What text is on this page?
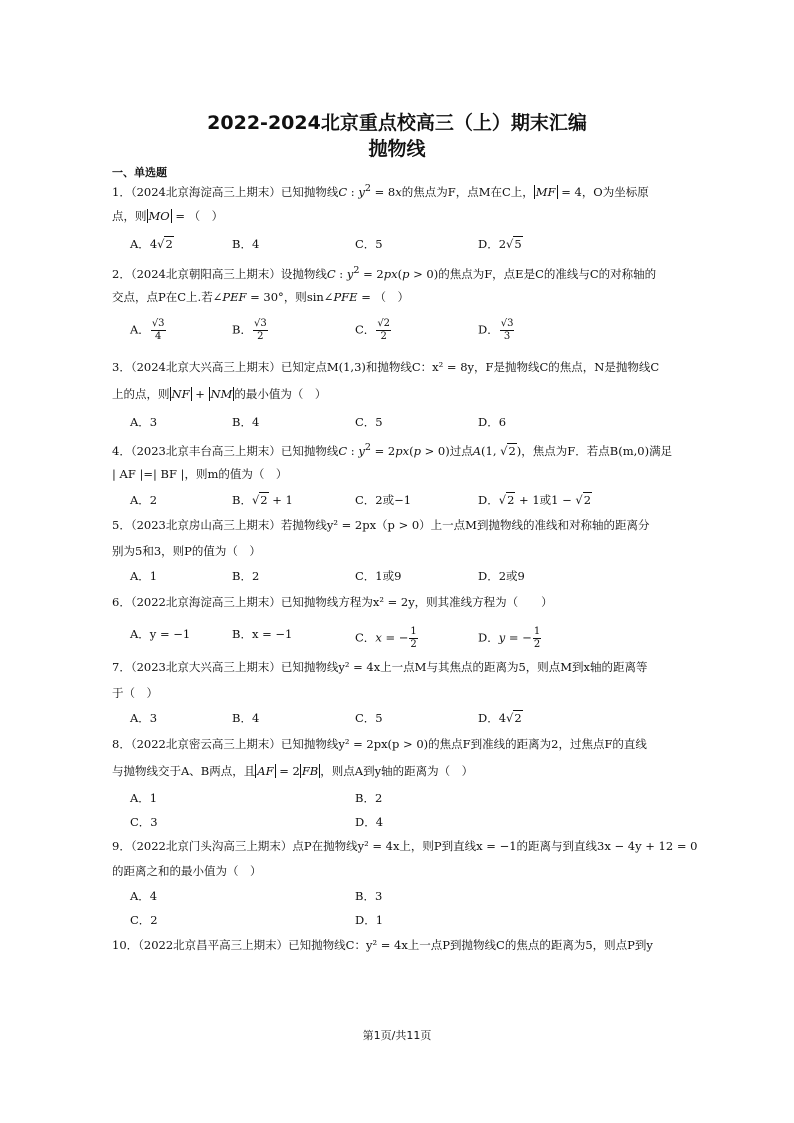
2022-2024北京重点校高三（上）期末汇编
抛物线
一、单选题
1．（2024北京海淀高三上期末）已知抛物线C : $y^2 = 8x$的焦点为F，点M在C上， MF = 4，O为坐标原
点，则 MO = （　）
A．4√2	B．4	C．5	D．2√5
2．（2024北京朝阳高三上期末）设抛物线C : $y^2 = 2px(p > 0)$的焦点为F，点E是C的准线与C的对称轴的
交点，点P在C上.若∠PEF = 30°，则sin∠PFE = （　）
A． $\frac{√3}{4}$	B． $\frac{√3}{2}$	C． $\frac{√2}{2}$	D． $\frac{√3}{3}$
3．（2024北京大兴高三上期末）已知定点M(1,3)和抛物线C：x² = 8y，F是抛物线C的焦点，N是抛物线C
上的点，则 NF + NM 的最小值为（　）
A．3	B．4	C．5	D．6
4．（2023北京丰台高三上期末）已知抛物线C : $y^2 = 2px(p > 0)$过点A(1, √2)，焦点为F．若点B(m,0)满足
| AF |=| BF |，则m的值为（　）
A．2	B．√2 + 1	C．2或−1	D．√2 + 1或1 − √2
5．（2023北京房山高三上期末）若抛物线y² = 2px（p > 0）上一点M到抛物线的准线和对称轴的距离分
别为5和3，则P的值为（　）
A．1	B．2	C．1或9	D．2或9
6．（2022北京海淀高三上期末）已知抛物线方程为x² = 2y，则其准线方程为（　　）
A．y = −1	B．x = −1	C．x = − $\frac{1}{2}$	D．y = − $\frac{1}{2}$
7．（2023北京大兴高三上期末）已知抛物线y² = 4x上一点M与其焦点的距离为5，则点M到x轴的距离等
于（　）
A．3	B．4	C．5	D．4√2
8．（2022北京密云高三上期末）已知抛物线y² = 2px(p > 0)的焦点F到准线的距离为2，过焦点F的直线
与抛物线交于A、B两点，且 AF = 2 FB ，则点A到y轴的距离为（　）
A．1	B．2
C．3	D．4
9．（2022北京门头沟高三上期末）点P在抛物线y² = 4x上，则P到直线x = −1的距离与到直线3x − 4y + 12 = 0
的距离之和的最小值为（　）
A．4	B．3
C．2	D．1
10．（2022北京昌平高三上期末）已知抛物线C：y² = 4x上一点P到抛物线C的焦点的距离为5，则点P到y
第1页/共11页
